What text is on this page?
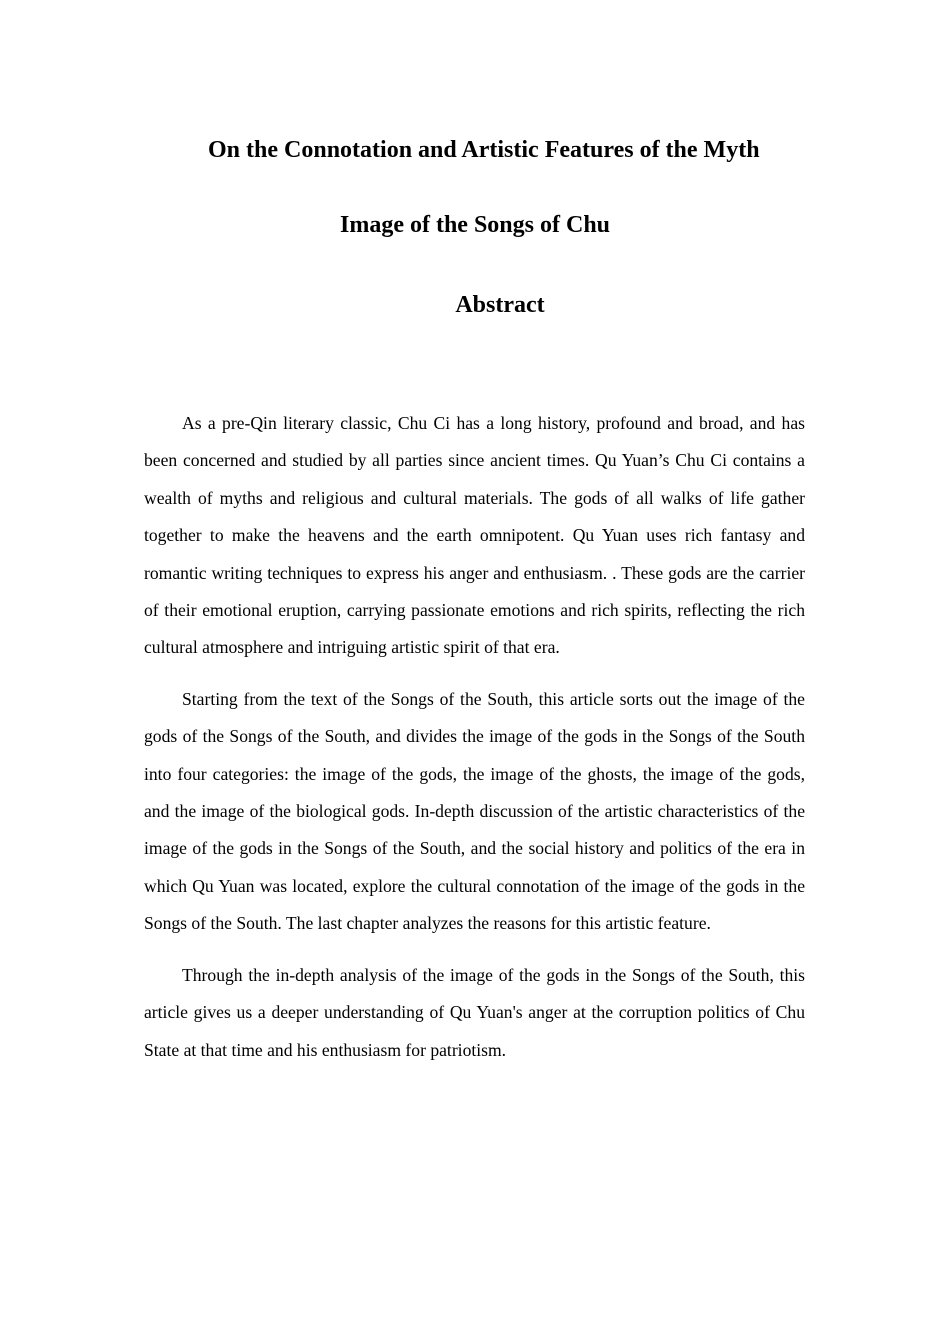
On the Connotation and Artistic Features of the Myth
Image of the Songs of Chu
Abstract

As a pre-Qin literary classic, Chu Ci has a long history, profound and broad, and has been concerned and studied by all parties since ancient times. Qu Yuan’s Chu Ci contains a wealth of myths and religious and cultural materials. The gods of all walks of life gather together to make the heavens and the earth omnipotent. Qu Yuan uses rich fantasy and romantic writing techniques to express his anger and enthusiasm. . These gods are the carrier of their emotional eruption, carrying passionate emotions and rich spirits, reflecting the rich cultural atmosphere and intriguing artistic spirit of that era.

Starting from the text of the Songs of the South, this article sorts out the image of the gods of the Songs of the South, and divides the image of the gods in the Songs of the South into four categories: the image of the gods, the image of the ghosts, the image of the gods, and the image of the biological gods. In-depth discussion of the artistic characteristics of the image of the gods in the Songs of the South, and the social history and politics of the era in which Qu Yuan was located, explore the cultural connotation of the image of the gods in the Songs of the South. The last chapter analyzes the reasons for this artistic feature.

Through the in-depth analysis of the image of the gods in the Songs of the South, this article gives us a deeper understanding of Qu Yuan's anger at the corruption politics of Chu State at that time and his enthusiasm for patriotism.
